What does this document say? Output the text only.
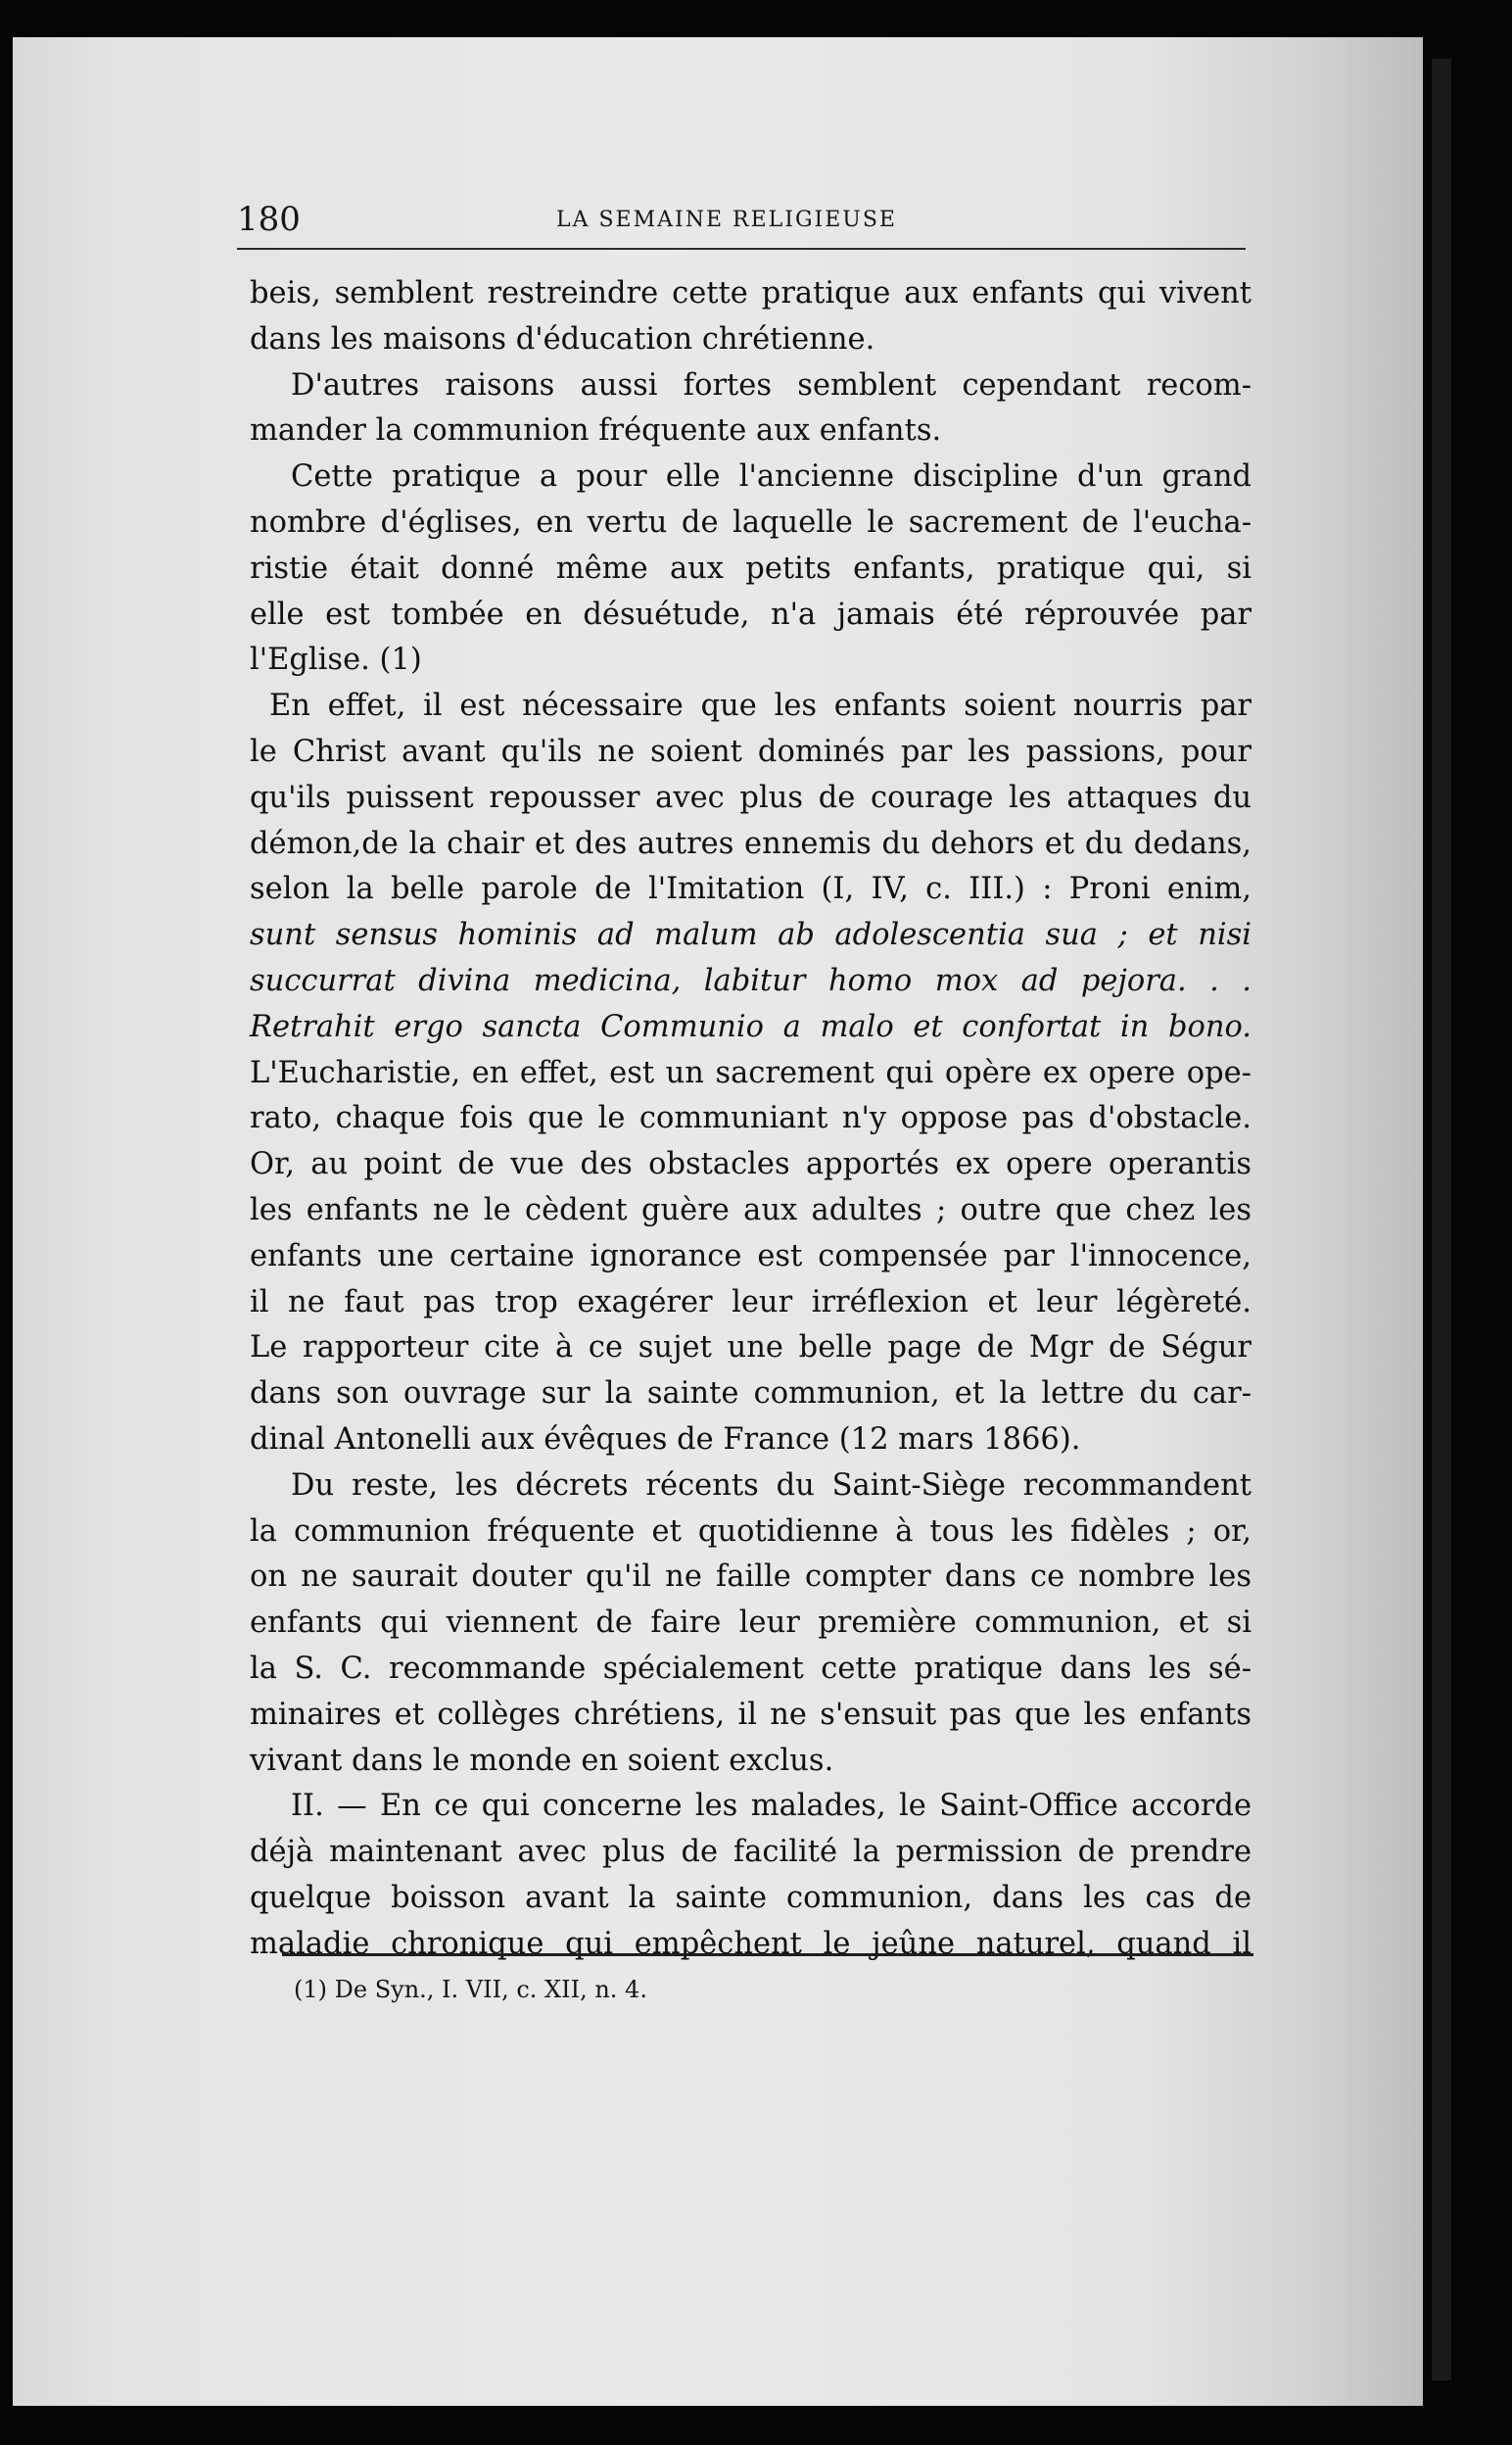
180	LA SEMAINE RELIGIEUSE
beis, semblent restreindre cette pratique aux enfants qui vivent
dans les maisons d'éducation chrétienne.
D'autres raisons aussi fortes semblent cependant recom-
mander la communion fréquente aux enfants.
Cette pratique a pour elle l'ancienne discipline d'un grand
nombre d'églises, en vertu de laquelle le sacrement de l'eucha-
ristie était donné même aux petits enfants, pratique qui, si
elle est tombée en désuétude, n'a jamais été réprouvée par
l'Eglise. (1)
En effet, il est nécessaire que les enfants soient nourris par
le Christ avant qu'ils ne soient dominés par les passions, pour
qu'ils puissent repousser avec plus de courage les attaques du
démon,de la chair et des autres ennemis du dehors et du dedans,
selon la belle parole de l'Imitation (I, IV, c. III.) : Proni enim,
sunt sensus hominis ad malum ab adolescentia sua ; et nisi
succurrat divina medicina, labitur homo mox ad pejora. . .
Retrahit ergo sancta Communio a malo et confortat in bono.
L'Eucharistie, en effet, est un sacrement qui opère ex opere ope-
rato, chaque fois que le communiant n'y oppose pas d'obstacle.
Or, au point de vue des obstacles apportés ex opere operantis
les enfants ne le cèdent guère aux adultes ; outre que chez les
enfants une certaine ignorance est compensée par l'innocence,
il ne faut pas trop exagérer leur irréflexion et leur légèreté.
Le rapporteur cite à ce sujet une belle page de Mgr de Ségur
dans son ouvrage sur la sainte communion, et la lettre du car-
dinal Antonelli aux évêques de France (12 mars 1866).
Du reste, les décrets récents du Saint-Siège recommandent
la communion fréquente et quotidienne à tous les fidèles ; or,
on ne saurait douter qu'il ne faille compter dans ce nombre les
enfants qui viennent de faire leur première communion, et si
la S. C. recommande spécialement cette pratique dans les sé-
minaires et collèges chrétiens, il ne s'ensuit pas que les enfants
vivant dans le monde en soient exclus.
II. — En ce qui concerne les malades, le Saint-Office accorde
déjà maintenant avec plus de facilité la permission de prendre
quelque boisson avant la sainte communion, dans les cas de
maladie chronique qui empêchent le jeûne naturel, quand il
(1) De Syn., I. VII, c. XII, n. 4.
